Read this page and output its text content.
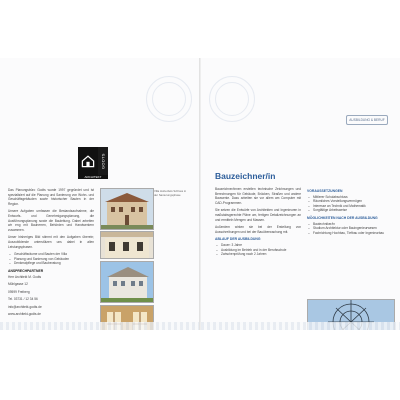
GODTS
ARCHITEKT

Das Planungsbüro Godts wurde 1997 gegründet und ist spezialisiert auf die Planung und Sanierung von Wohn- und Geschäftsgebäuden sowie historischer Bauten in der Region.

Unsere Aufgaben umfassen die Bestandsaufnahme, die Entwurfs- und Genehmigungsplanung, die Ausführungsplanung sowie die Bauleitung. Dabei arbeiten wir eng mit Bauherren, Behörden und Handwerkern zusammen.

Unser bisheriges Bild stimmt mit den Aufgaben überein; Auszubildende unterstützen uns dabei in allen Leistungsphasen.

– Geschäftsräume und Bauten der Villa
– Planung und Sanierung von Gebäuden
– Denkmalpflege und Bauberatung
ANSPRECHPARTNER

Herr Architekt M. Godts

Mühlgasse 12

09599 Freiberg

Tel. 03731 / 12 34 56

info@architekt-godts.de

www.architekt-godts.de

Villa Hohenfels Schloss in der Sanierungsphase
AUSBILDUNG & BERUF
Bauzeichner/in

Bauzeichner/innen erstellen technische Zeichnungen und Berechnungen für Gebäude, Brücken, Straßen und andere Bauwerke. Dazu arbeiten sie vor allem am Computer mit CAD-Programmen.

Sie setzen die Entwürfe von Architekten und Ingenieuren in maßstabsgerechte Pläne um, fertigen Detailzeichnungen an und ermitteln Mengen und Massen.

Außerdem wirken sie bei der Erstellung von Ausschreibungen und bei der Bauüberwachung mit.

ABLAUF DER AUSBILDUNG
– Dauer: 3 Jahre
– Ausbildung im Betrieb und in der Berufsschule
– Zwischenprüfung nach 2 Jahren
VORAUSSETZUNGEN
– Mittlerer Schulabschluss
– Räumliches Vorstellungsvermögen
– Interesse an Technik und Mathematik
– Sorgfältige Arbeitsweise
MÖGLICHKEITEN NACH DER AUSBILDUNG
– Bautechniker/in
– Studium Architektur oder Bauingenieurwesen
– Fachrichtung Hochbau, Tiefbau oder Ingenieurbau
